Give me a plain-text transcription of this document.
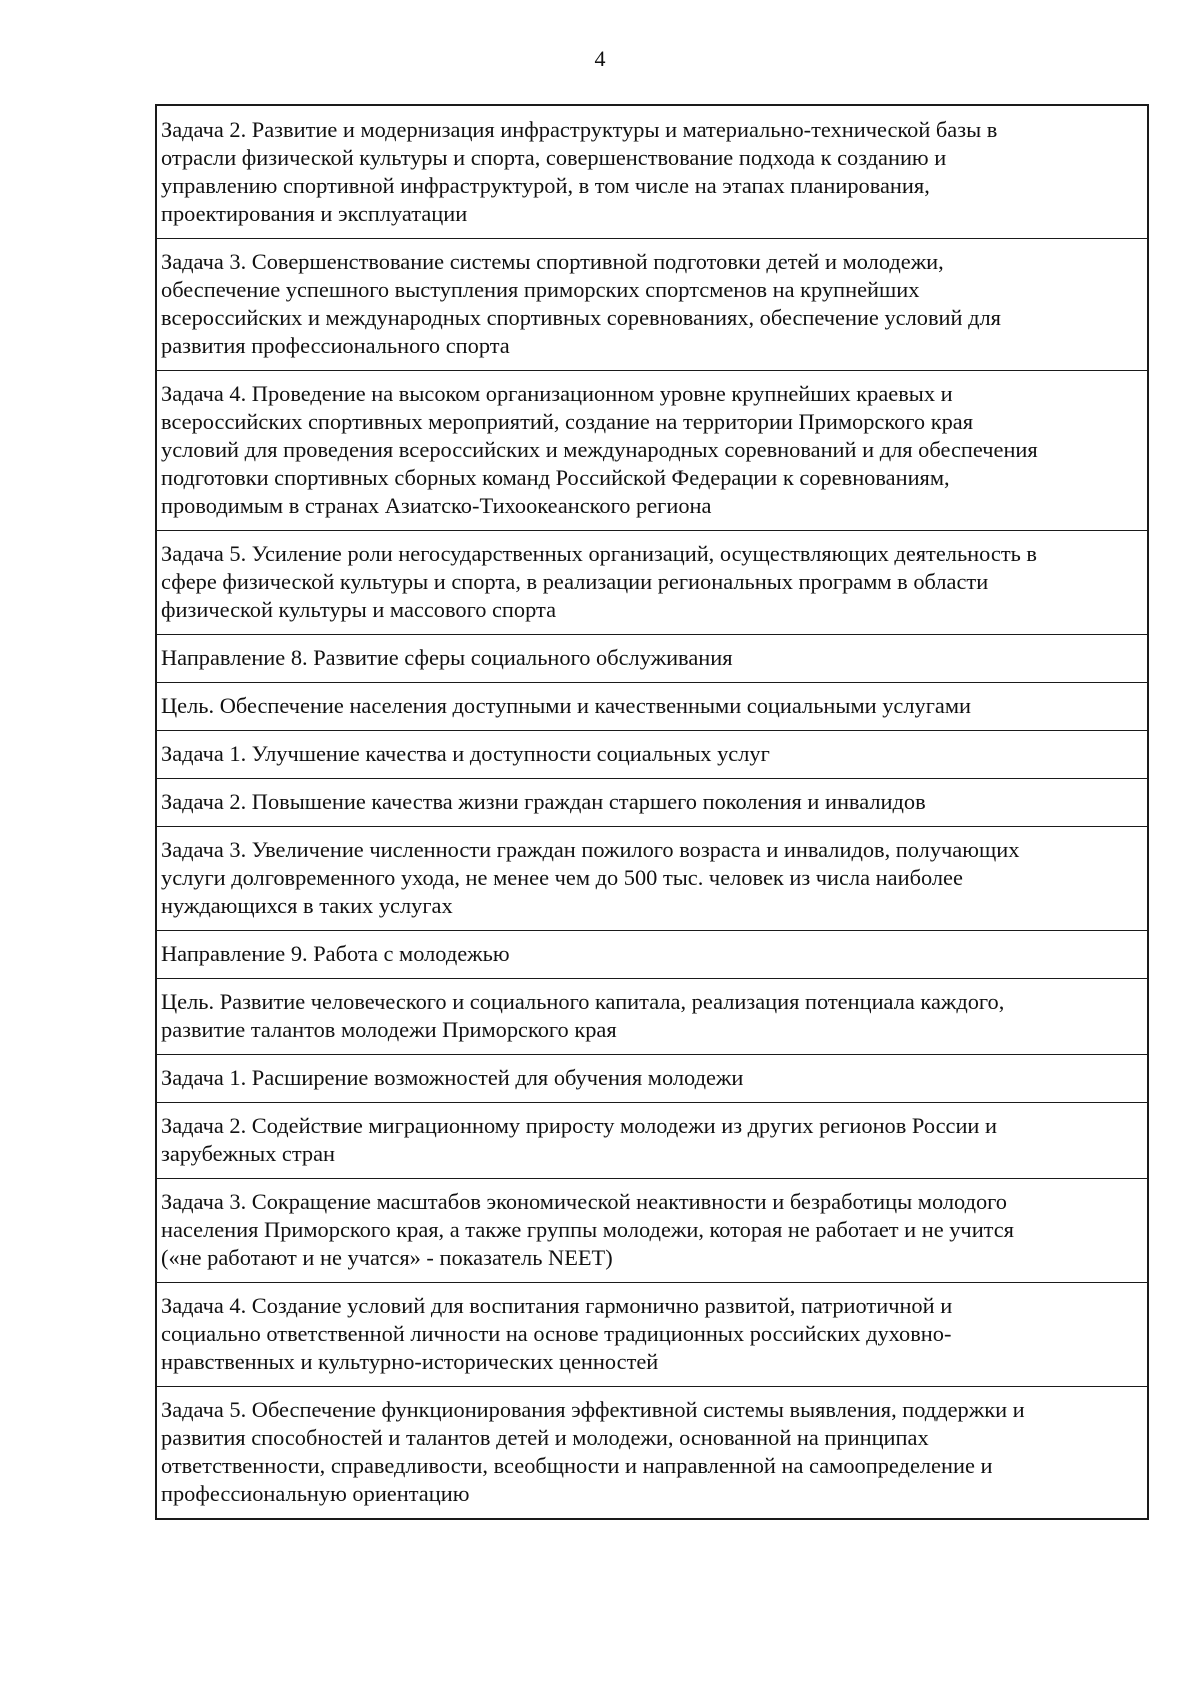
4
Задача 2. Развитие и модернизация инфраструктуры и материально-технической базы в
отрасли физической культуры и спорта, совершенствование подхода к созданию и
управлению спортивной инфраструктурой, в том числе на этапах планирования,
проектирования и эксплуатации
Задача 3. Совершенствование системы спортивной подготовки детей и молодежи,
обеспечение успешного выступления приморских спортсменов на крупнейших
всероссийских и международных спортивных соревнованиях, обеспечение условий для
развития профессионального спорта
Задача 4. Проведение на высоком организационном уровне крупнейших краевых и
всероссийских спортивных мероприятий, создание на территории Приморского края
условий для проведения всероссийских и международных соревнований и для обеспечения
подготовки спортивных сборных команд Российской Федерации к соревнованиям,
проводимым в странах Азиатско-Тихоокеанского региона
Задача 5. Усиление роли негосударственных организаций, осуществляющих деятельность в
сфере физической культуры и спорта, в реализации региональных программ в области
физической культуры и массового спорта
Направление 8. Развитие сферы социального обслуживания
Цель. Обеспечение населения доступными и качественными социальными услугами
Задача 1. Улучшение качества и доступности социальных услуг
Задача 2. Повышение качества жизни граждан старшего поколения и инвалидов
Задача 3. Увеличение численности граждан пожилого возраста и инвалидов, получающих
услуги долговременного ухода, не менее чем до 500 тыс. человек из числа наиболее
нуждающихся в таких услугах
Направление 9. Работа с молодежью
Цель. Развитие человеческого и социального капитала, реализация потенциала каждого,
развитие талантов молодежи Приморского края
Задача 1. Расширение возможностей для обучения молодежи
Задача 2. Содействие миграционному приросту молодежи из других регионов России и
зарубежных стран
Задача 3. Сокращение масштабов экономической неактивности и безработицы молодого
населения Приморского края, а также группы молодежи, которая не работает и не учится
(«не работают и не учатся» - показатель NEET)
Задача 4. Создание условий для воспитания гармонично развитой, патриотичной и
социально ответственной личности на основе традиционных российских духовно-
нравственных и культурно-исторических ценностей
Задача 5. Обеспечение функционирования эффективной системы выявления, поддержки и
развития способностей и талантов детей и молодежи, основанной на принципах
ответственности, справедливости, всеобщности и направленной на самоопределение и
профессиональную ориентацию
